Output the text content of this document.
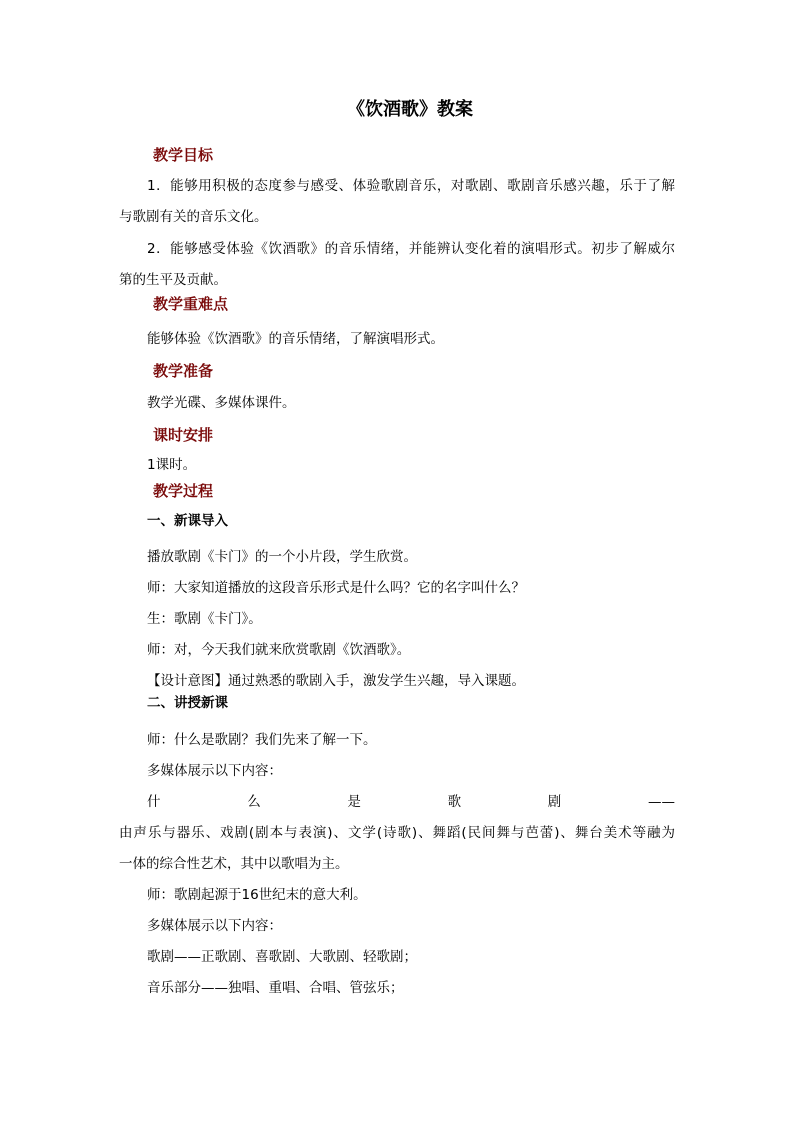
《饮酒歌》教案
教学目标
1．能够用积极的态度参与感受、体验歌剧音乐，对歌剧、歌剧音乐感兴趣，乐于了解
与歌剧有关的音乐文化。
2．能够感受体验《饮酒歌》的音乐情绪，并能辨认变化着的演唱形式。初步了解威尔
第的生平及贡献。
教学重难点
能够体验《饮酒歌》的音乐情绪，了解演唱形式。
教学准备
教学光碟、多媒体课件。
课时安排
1课时。
教学过程
一、新课导入
播放歌剧《卡门》的一个小片段，学生欣赏。
师：大家知道播放的这段音乐形式是什么吗？它的名字叫什么？
生：歌剧《卡门》。
师：对，今天我们就来欣赏歌剧《饮酒歌》。
【设计意图】通过熟悉的歌剧入手，激发学生兴趣，导入课题。
二、讲授新课
师：什么是歌剧？我们先来了解一下。
多媒体展示以下内容：
什	么	是	歌	剧	——
由声乐与器乐、戏剧(剧本与表演)、文学(诗歌)、舞蹈(民间舞与芭蕾)、舞台美术等融为
一体的综合性艺术，其中以歌唱为主。
师：歌剧起源于16世纪末的意大利。
多媒体展示以下内容：
歌剧——正歌剧、喜歌剧、大歌剧、轻歌剧；
音乐部分——独唱、重唱、合唱、管弦乐；
